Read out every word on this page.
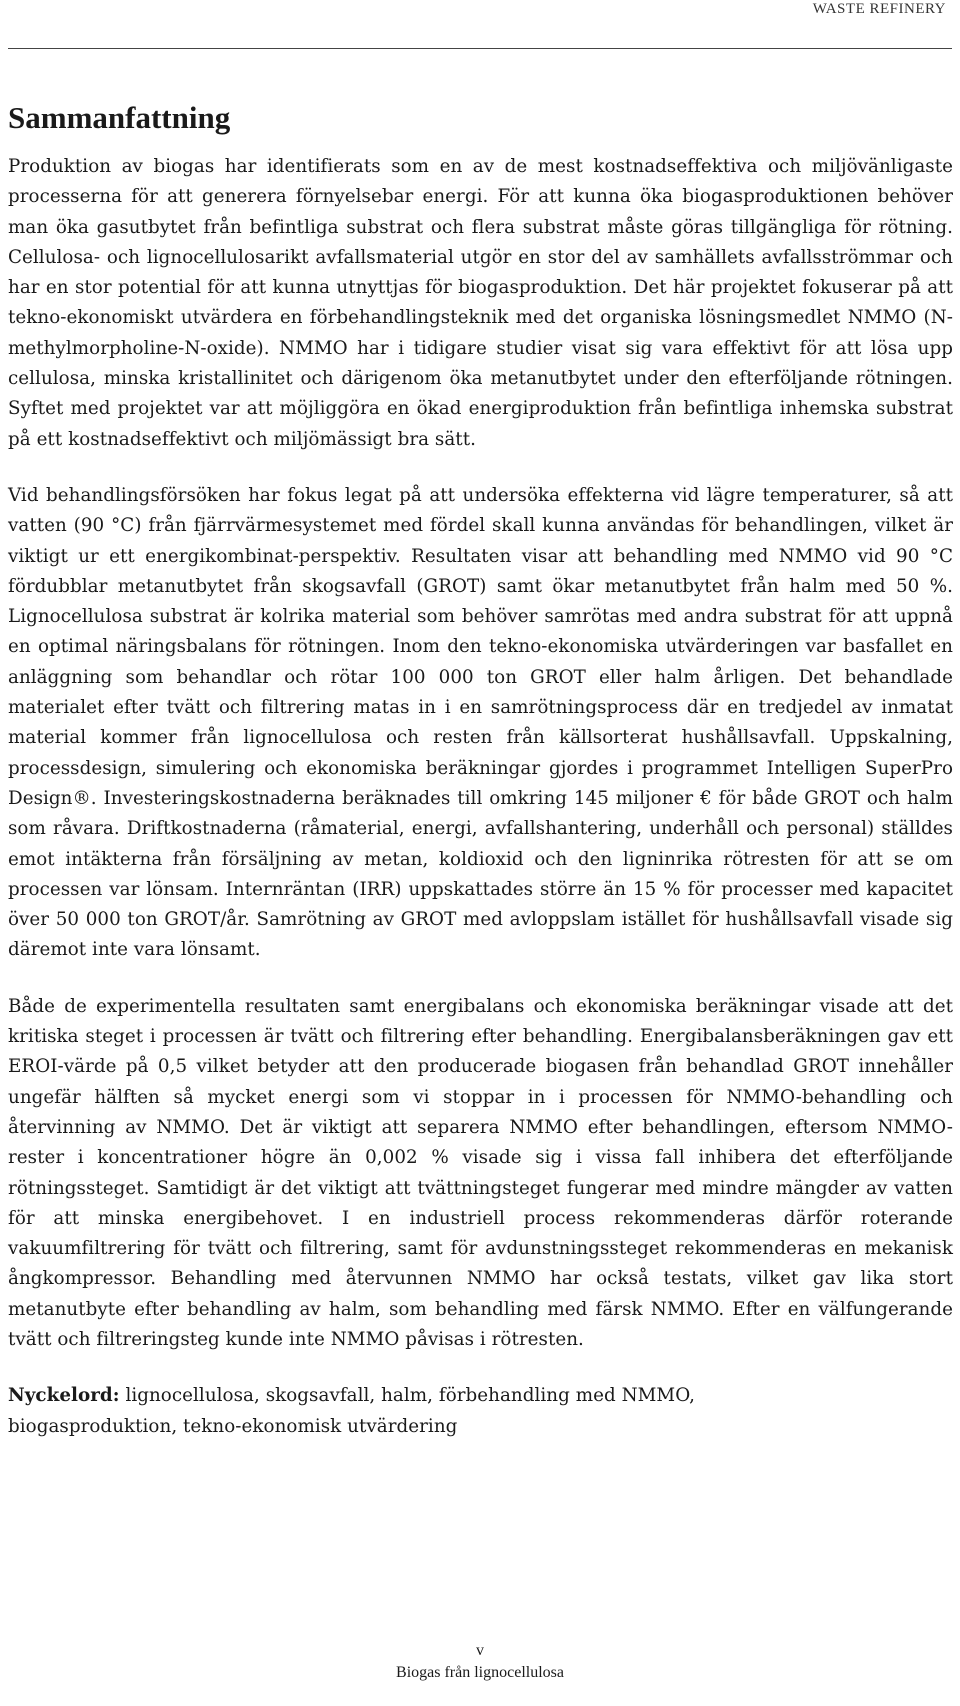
WASTE REFINERY
Sammanfattning

Produktion av biogas har identifierats som en av de mest kostnadseffektiva och miljövänligaste processerna för att generera förnyelsebar energi. För att kunna öka biogasproduktionen behöver man öka gasutbytet från befintliga substrat och flera substrat måste göras tillgängliga för rötning. Cellulosa- och lignocellulosarikt avfallsmaterial utgör en stor del av samhällets avfallsströmmar och har en stor potential för att kunna utnyttjas för biogasproduktion. Det här projektet fokuserar på att tekno-ekonomiskt utvärdera en förbehandlingsteknik med det organiska lösningsmedlet NMMO (N-methylmorpholine-N-oxide). NMMO har i tidigare studier visat sig vara effektivt för att lösa upp cellulosa, minska kristallinitet och därigenom öka metanutbytet under den efterföljande rötningen. Syftet med projektet var att möjliggöra en ökad energiproduktion från befintliga inhemska substrat på ett kostnadseffektivt och miljömässigt bra sätt.

Vid behandlingsförsöken har fokus legat på att undersöka effekterna vid lägre temperaturer, så att vatten (90 °C) från fjärrvärmesystemet med fördel skall kunna användas för behandlingen, vilket är viktigt ur ett energikombinat-perspektiv. Resultaten visar att behandling med NMMO vid 90 °C fördubblar metanutbytet från skogsavfall (GROT) samt ökar metanutbytet från halm med 50 %. Lignocellulosa substrat är kolrika material som behöver samrötas med andra substrat för att uppnå en optimal näringsbalans för rötningen. Inom den tekno-ekonomiska utvärderingen var basfallet en anläggning som behandlar och rötar 100 000 ton GROT eller halm årligen. Det behandlade materialet efter tvätt och filtrering matas in i en samrötningsprocess där en tredjedel av inmatat material kommer från lignocellulosa och resten från källsorterat hushållsavfall. Uppskalning, processdesign, simulering och ekonomiska beräkningar gjordes i programmet Intelligen SuperPro Design®. Investeringskostnaderna beräknades till omkring 145 miljoner € för både GROT och halm som råvara. Driftkostnaderna (råmaterial, energi, avfallshantering, underhåll och personal) ställdes emot intäkterna från försäljning av metan, koldioxid och den ligninrika rötresten för att se om processen var lönsam. Internräntan (IRR) uppskattades större än 15 % för processer med kapacitet över 50 000 ton GROT/år. Samrötning av GROT med avloppslam istället för hushållsavfall visade sig däremot inte vara lönsamt.

Både de experimentella resultaten samt energibalans och ekonomiska beräkningar visade att det kritiska steget i processen är tvätt och filtrering efter behandling. Energibalansberäkningen gav ett EROI-värde på 0,5 vilket betyder att den producerade biogasen från behandlad GROT innehåller ungefär hälften så mycket energi som vi stoppar in i processen för NMMO-behandling och återvinning av NMMO. Det är viktigt att separera NMMO efter behandlingen, eftersom NMMO-rester i koncentrationer högre än 0,002 % visade sig i vissa fall inhibera det efterföljande rötningssteget. Samtidigt är det viktigt att tvättningsteget fungerar med mindre mängder av vatten för att minska energibehovet. I en industriell process rekommenderas därför roterande vakuumfiltrering för tvätt och filtrering, samt för avdunstningssteget rekommenderas en mekanisk ångkompressor. Behandling med återvunnen NMMO har också testats, vilket gav lika stort metanutbyte efter behandling av halm, som behandling med färsk NMMO. Efter en välfungerande tvätt och filtreringsteg kunde inte NMMO påvisas i rötresten.

Nyckelord: lignocellulosa, skogsavfall, halm, förbehandling med NMMO, biogasproduktion, tekno-ekonomisk utvärdering

v
Biogas från lignocellulosa
